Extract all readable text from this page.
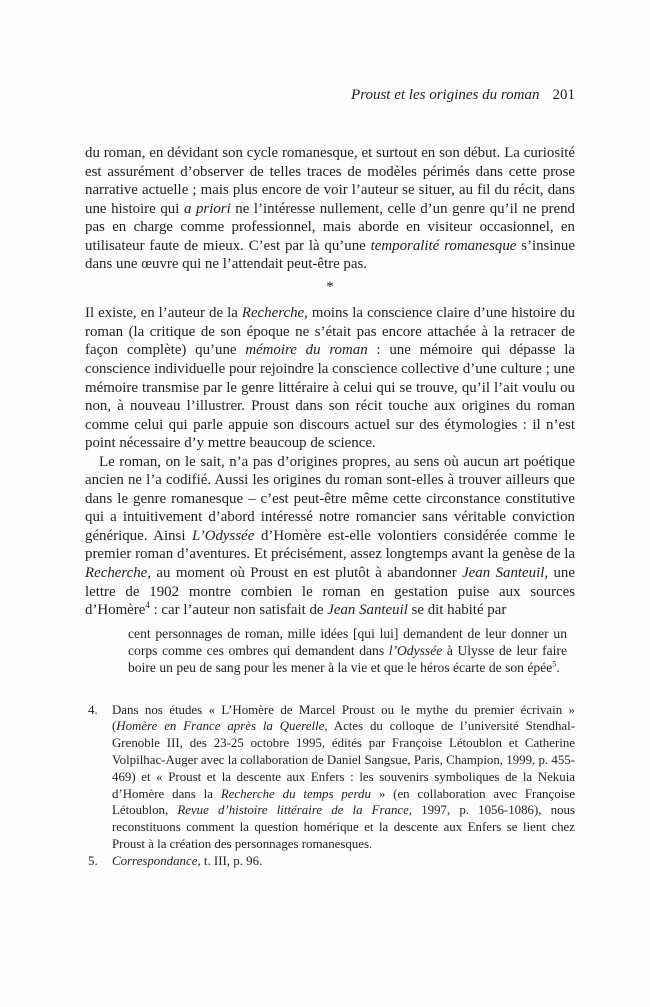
Proust et les origines du roman 201

du roman, en dévidant son cycle romanesque, et surtout en son début. La curiosité est assurément d’observer de telles traces de modèles périmés dans cette prose narrative actuelle ; mais plus encore de voir l’auteur se situer, au fil du récit, dans une histoire qui a priori ne l’intéresse nullement, celle d’un genre qu’il ne prend pas en charge comme professionnel, mais aborde en visiteur occasionnel, en utilisateur faute de mieux. C’est par là qu’une temporalité romanesque s’insinue dans une œuvre qui ne l’attendait peut-être pas.

*

Il existe, en l’auteur de la Recherche, moins la conscience claire d’une histoire du roman (la critique de son époque ne s’était pas encore attachée à la retracer de façon complète) qu’une mémoire du roman : une mémoire qui dépasse la conscience individuelle pour rejoindre la conscience collective d’une culture ; une mémoire transmise par le genre littéraire à celui qui se trouve, qu’il l’ait voulu ou non, à nouveau l’illustrer. Proust dans son récit touche aux origines du roman comme celui qui parle appuie son discours actuel sur des étymologies : il n’est point nécessaire d’y mettre beaucoup de science.

Le roman, on le sait, n’a pas d’origines propres, au sens où aucun art poétique ancien ne l’a codifié. Aussi les origines du roman sont-elles à trouver ailleurs que dans le genre romanesque – c’est peut-être même cette circonstance constitutive qui a intuitivement d’abord intéressé notre romancier sans véritable conviction générique. Ainsi L’Odyssée d’Homère est-elle volontiers considérée comme le premier roman d’aventures. Et précisément, assez longtemps avant la genèse de la Recherche, au moment où Proust en est plutôt à abandonner Jean Santeuil, une lettre de 1902 montre combien le roman en gestation puise aux sources d’Homère$^4$ : car l’auteur non satisfait de Jean Santeuil se dit habité par

cent personnages de roman, mille idées [qui lui] demandent de leur donner un corps comme ces ombres qui demandent dans l’Odyssée à Ulysse de leur faire boire un peu de sang pour les mener à la vie et que le héros écarte de son épée$^5$.
4.	Dans nos études « L’Homère de Marcel Proust ou le mythe du premier écrivain » (Homère en France après la Querelle, Actes du colloque de l’université Stendhal-Grenoble III, des 23-25 octobre 1995, édités par Françoise Létoublon et Catherine Volpilhac-Auger avec la collaboration de Daniel Sangsue, Paris, Champion, 1999, p. 455-469) et « Proust et la descente aux Enfers : les souvenirs symboliques de la Nekuia d’Homère dans la Recherche du temps perdu » (en collaboration avec Françoise Létoublon, Revue d’histoire littéraire de la France, 1997, p. 1056-1086), nous reconstituons comment la question homérique et la descente aux Enfers se lient chez Proust à la création des personnages romanesques.
5.	Correspondance, t. III, p. 96.
